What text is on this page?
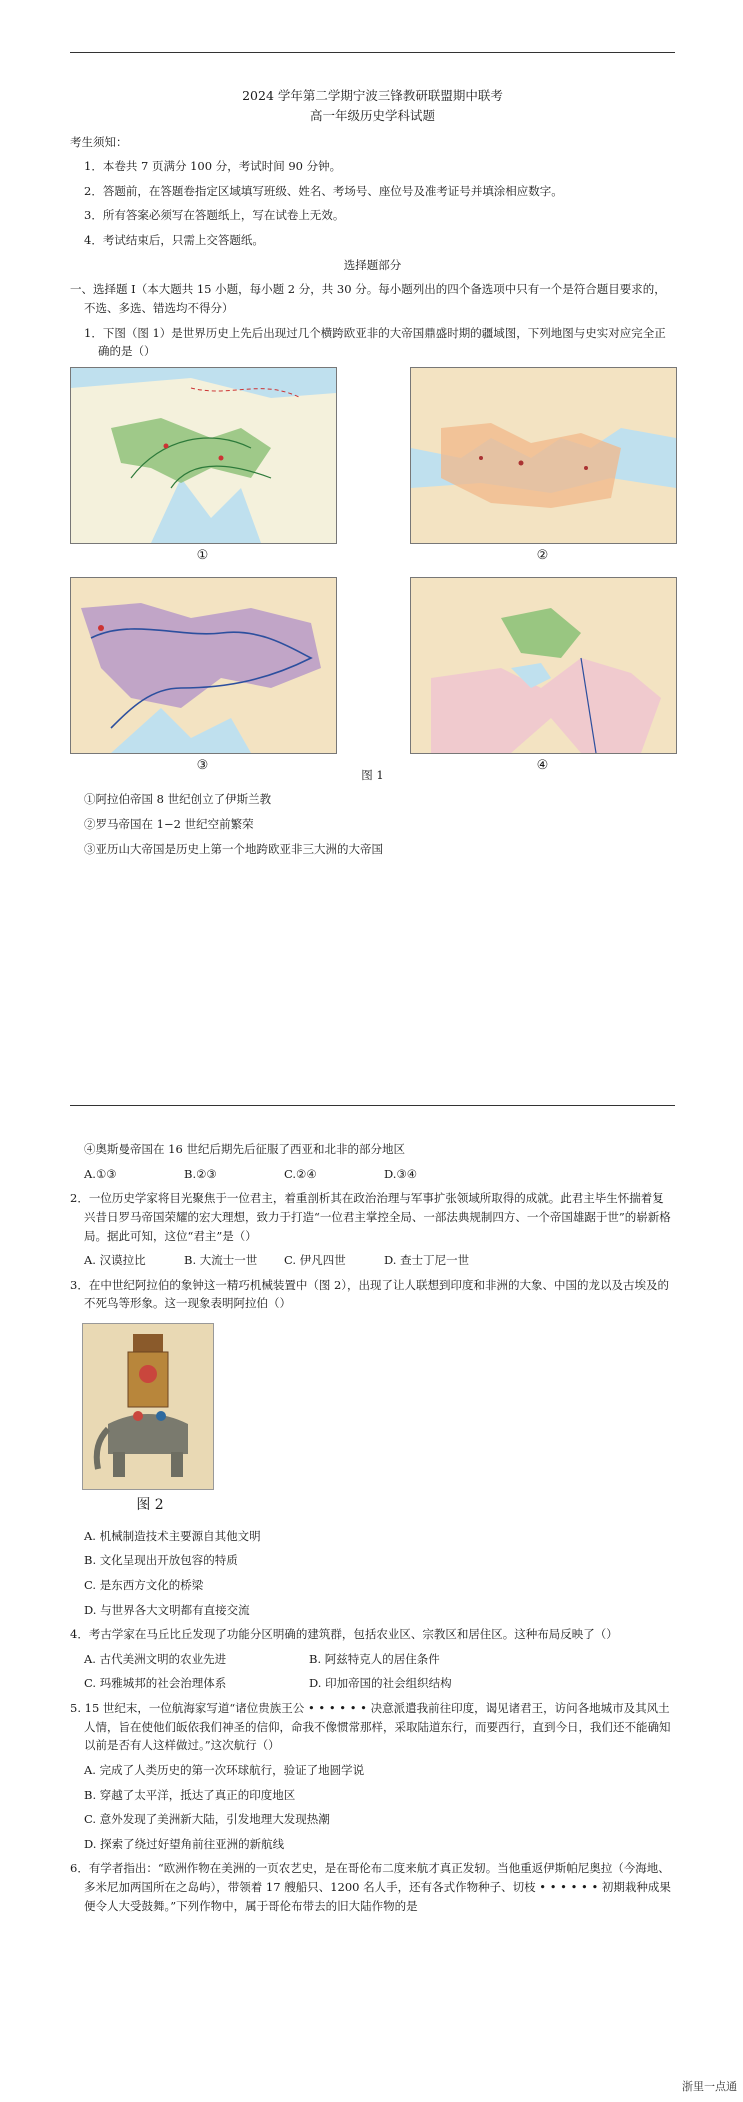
2024 学年第二学期宁波三锋教研联盟期中联考
高一年级历史学科试题
考生须知：
1．本卷共 7 页满分 100 分，考试时间 90 分钟。
2．答题前，在答题卷指定区域填写班级、姓名、考场号、座位号及准考证号并填涂相应数字。
3．所有答案必须写在答题纸上，写在试卷上无效。
4．考试结束后，只需上交答题纸。
选择题部分
一、选择题 I（本大题共 15 小题，每小题 2 分，共 30 分。每小题列出的四个备选项中只有一个是符合题目要求的，不选、多选、错选均不得分）
1．下图（图 1）是世界历史上先后出现过几个横跨欧亚非的大帝国鼎盛时期的疆域图，下列地图与史实对应完全正确的是（）
①	②
③	④
图 1
①阿拉伯帝国 8 世纪创立了伊斯兰教
②罗马帝国在 1−2 世纪空前繁荣
③亚历山大帝国是历史上第一个地跨欧亚非三大洲的大帝国
④奥斯曼帝国在 16 世纪后期先后征服了西亚和北非的部分地区
A.①③	B.②③	C.②④	D.③④
2．一位历史学家将目光聚焦于一位君主，着重剖析其在政治治理与军事扩张领域所取得的成就。此君主毕生怀揣着复兴昔日罗马帝国荣耀的宏大理想，致力于打造“一位君主掌控全局、一部法典规制四方、一个帝国雄踞于世”的崭新格局。据此可知，这位“君主”是（）
A. 汉谟拉比	B. 大流士一世	C. 伊凡四世	D. 查士丁尼一世
3．在中世纪阿拉伯的象钟这一精巧机械装置中（图 2），出现了让人联想到印度和非洲的大象、中国的龙以及古埃及的不死鸟等形象。这一现象表明阿拉伯（）
图 2
A. 机械制造技术主要源自其他文明
B. 文化呈现出开放包容的特质
C. 是东西方文化的桥梁
D. 与世界各大文明都有直接交流
4．考古学家在马丘比丘发现了功能分区明确的建筑群，包括农业区、宗教区和居住区。这种布局反映了（）
A. 古代美洲文明的农业先进	B. 阿兹特克人的居住条件
C. 玛雅城邦的社会治理体系	D. 印加帝国的社会组织结构
5. 15 世纪末，一位航海家写道“诸位贵族王公 • • • • • • 决意派遣我前往印度，谒见诸君王，访问各地城市及其风土人情，旨在使他们皈依我们神圣的信仰，命我不像惯常那样，采取陆道东行，而要西行，直到今日，我们还不能确知以前是否有人这样做过。”这次航行（）
A. 完成了人类历史的第一次环球航行，验证了地圆学说
B. 穿越了太平洋，抵达了真正的印度地区
C. 意外发现了美洲新大陆，引发地理大发现热潮
D. 探索了绕过好望角前往亚洲的新航线
6．有学者指出：“欧洲作物在美洲的一页农艺史，是在哥伦布二度来航才真正发轫。当他重返伊斯帕尼奥拉（今海地、多米尼加两国所在之岛屿），带领着 17 艘船只、1200 名人手，还有各式作物种子、切枝 • • • • • • 初期栽种成果便令人大受鼓舞。”下列作物中，属于哥伦布带去的旧大陆作物的是
浙里一点通
